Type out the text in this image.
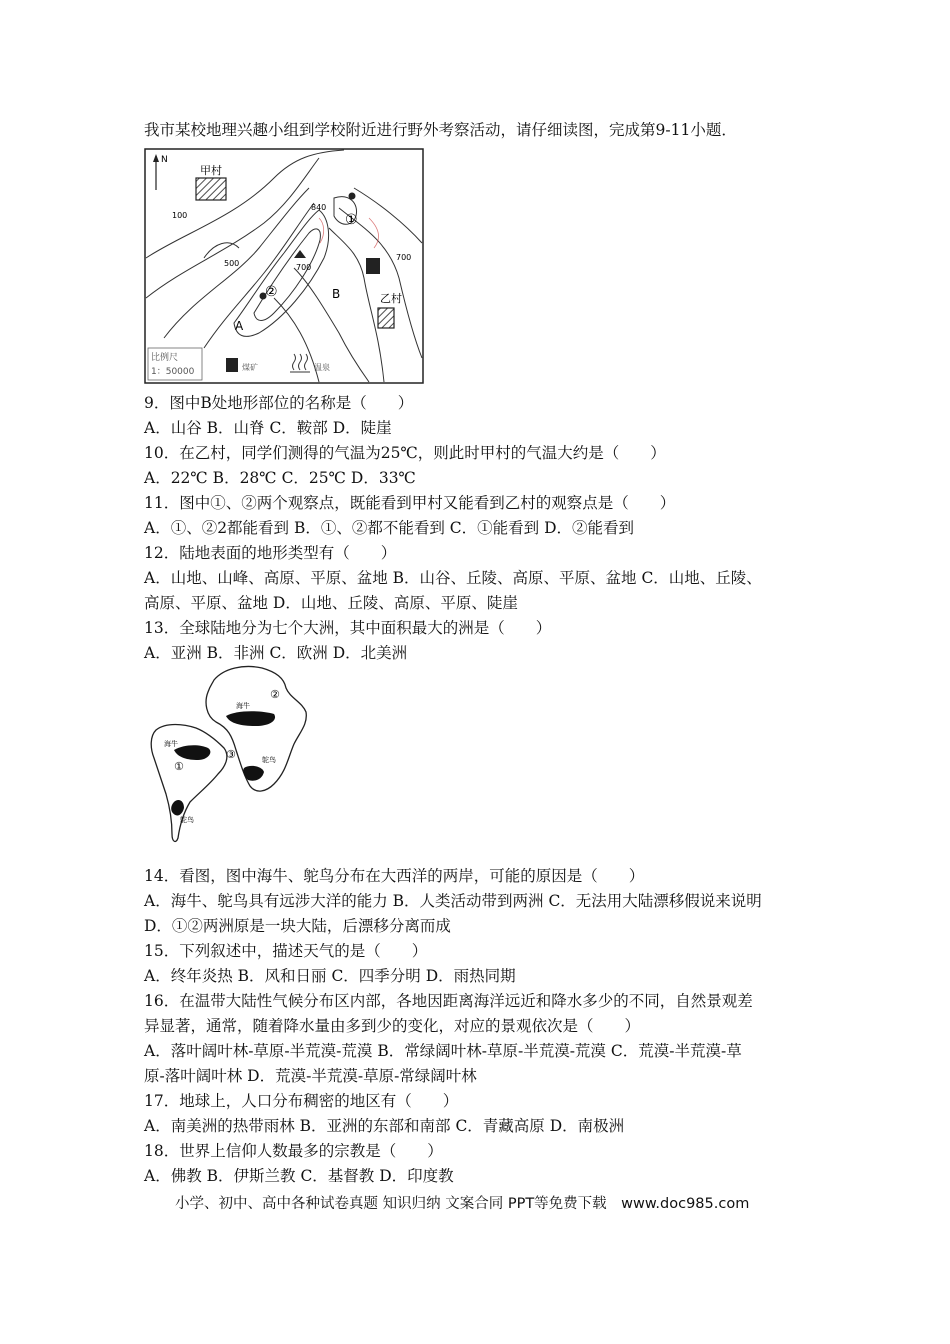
我市某校地理兴趣小组到学校附近进行野外考察活动，请仔细读图，完成第9-11小题．
N
甲村
乙村
100
500	700
700
840
①
②
A
B
比例尺
1：50000	煤矿	温泉
海牛
海牛
鸵鸟
鸵鸟
①
②
③
9．图中B处地形部位的名称是（　　）
A．山谷 B．山脊 C．鞍部 D．陡崖
10．在乙村，同学们测得的气温为25℃，则此时甲村的气温大约是（　　）
A．22℃ B．28℃ C．25℃ D．33℃
11．图中①、②两个观察点，既能看到甲村又能看到乙村的观察点是（　　）
A．①、②2都能看到 B．①、②都不能看到 C．①能看到 D．②能看到
12．陆地表面的地形类型有（　　）
A．山地、山峰、高原、平原、盆地 B．山谷、丘陵、高原、平原、盆地 C．山地、丘陵、
高原、平原、盆地 D．山地、丘陵、高原、平原、陡崖
13．全球陆地分为七个大洲，其中面积最大的洲是（　　）
A．亚洲 B．非洲 C．欧洲 D．北美洲
14．看图，图中海牛、鸵鸟分布在大西洋的两岸，可能的原因是（　　）
A．海牛、鸵鸟具有远涉大洋的能力 B．人类活动带到两洲 C．无法用大陆漂移假说来说明
D．①②两洲原是一块大陆，后漂移分离而成
15．下列叙述中，描述天气的是（　　）
A．终年炎热 B．风和日丽 C．四季分明 D．雨热同期
16．在温带大陆性气候分布区内部，各地因距离海洋远近和降水多少的不同，自然景观差
异显著，通常，随着降水量由多到少的变化，对应的景观依次是（　　）
A．落叶阔叶林-草原-半荒漠-荒漠 B．常绿阔叶林-草原-半荒漠-荒漠 C．荒漠-半荒漠-草
原-落叶阔叶林 D．荒漠-半荒漠-草原-常绿阔叶林
17．地球上，人口分布稠密的地区有（　　）
A．南美洲的热带雨林 B．亚洲的东部和南部 C．青藏高原 D．南极洲
18．世界上信仰人数最多的宗教是（　　）
A．佛教 B．伊斯兰教 C．基督教 D．印度教
小学、初中、高中各种试卷真题 知识归纳 文案合同 PPT等免费下载　www.doc985.com
